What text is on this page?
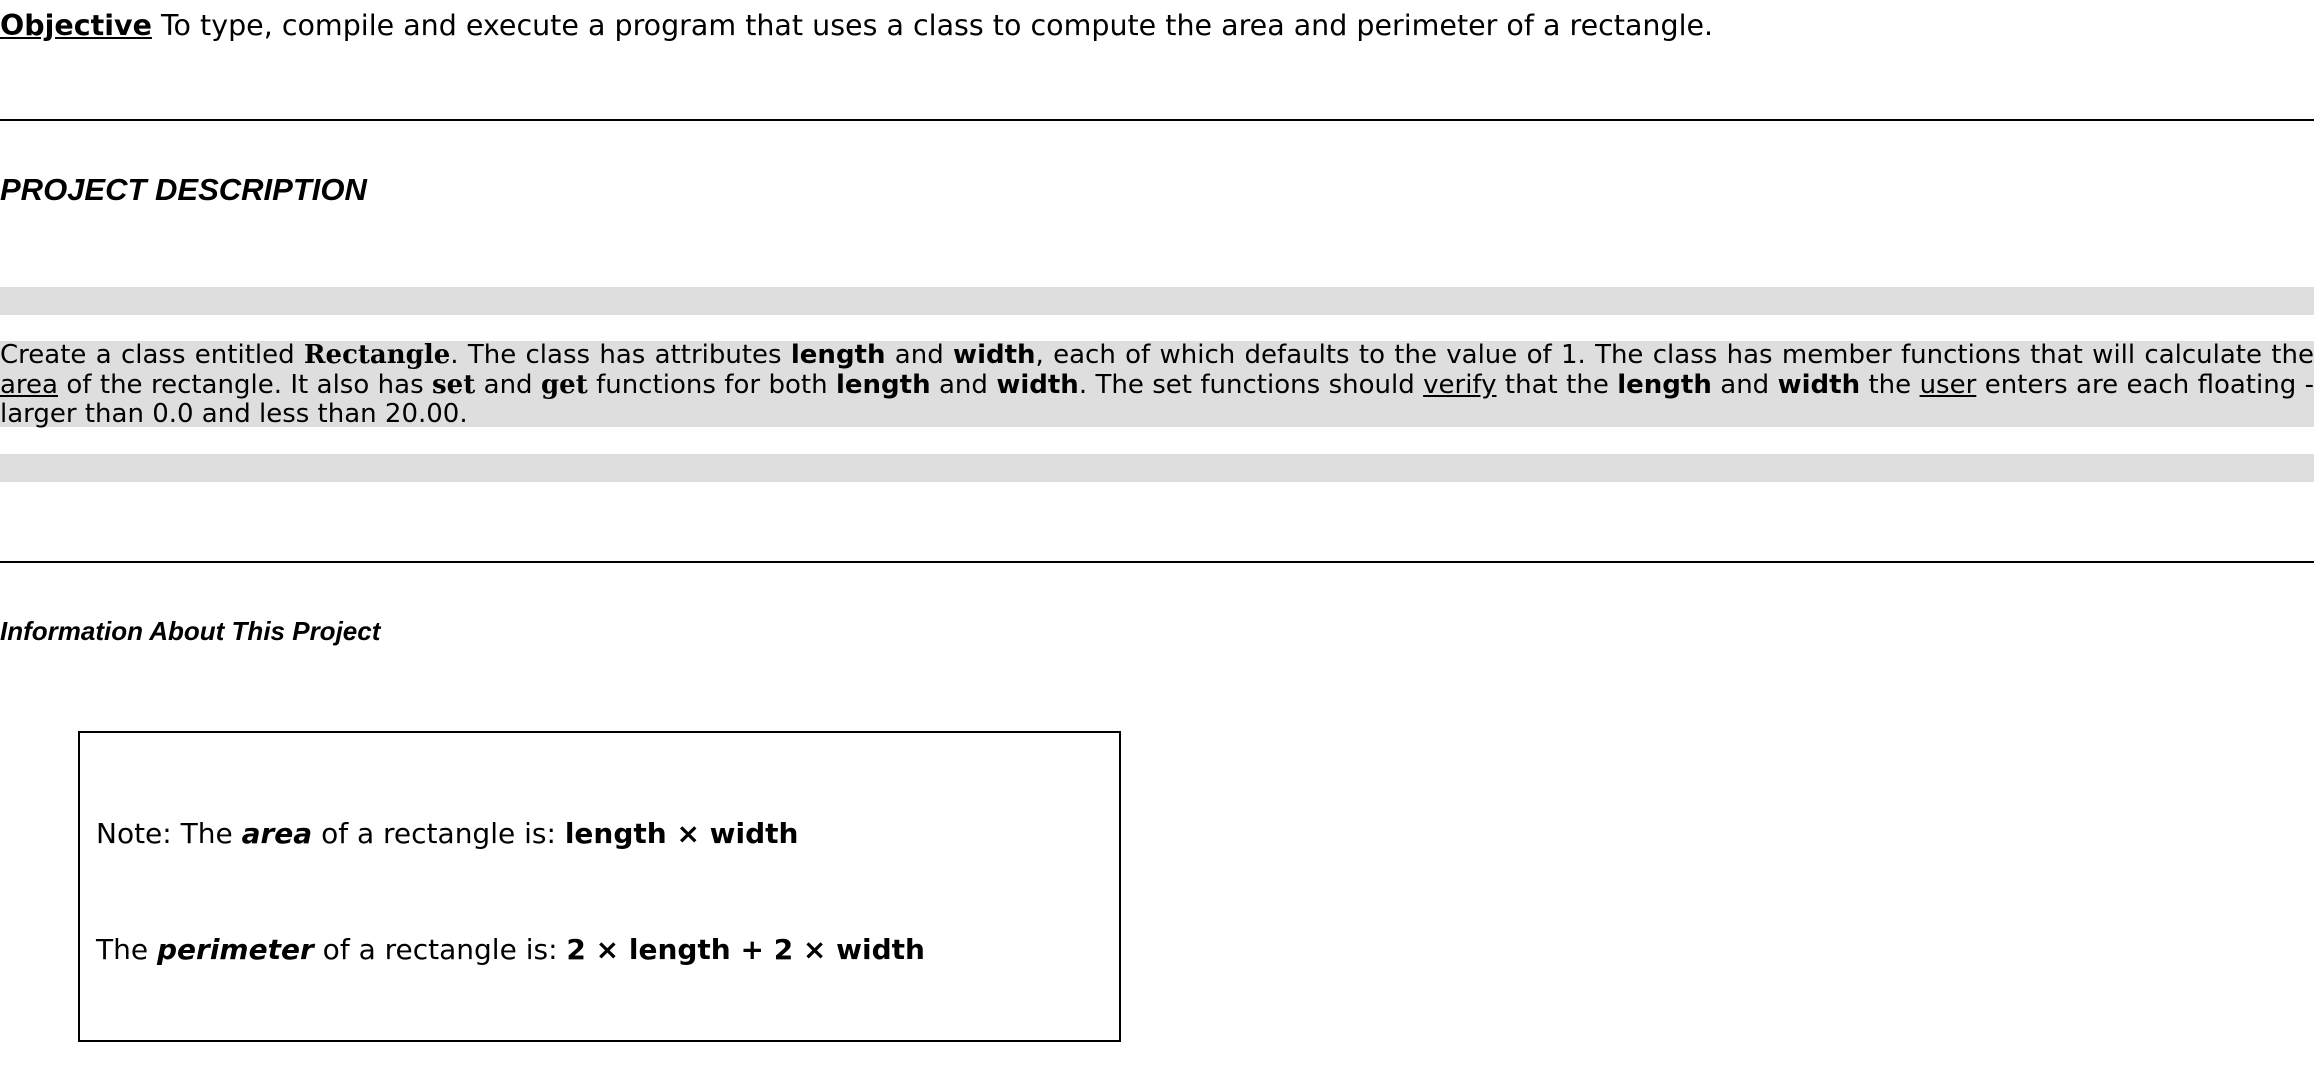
Objective To type, compile and execute a program that uses a class to compute the area and perimeter of a rectangle.
PROJECT DESCRIPTION
Create a class entitled Rectangle. The class has attributes length and width, each of which defaults to the value of 1. The class has member functions that will calculate the
area of the rectangle. It also has set and get functions for both length and width. The set functions should verify that the length and width the user enters are each floating -
larger than 0.0 and less than 20.00.
Information About This Project
Note: The area of a rectangle is: length × width
The perimeter of a rectangle is: 2 × length + 2 × width
